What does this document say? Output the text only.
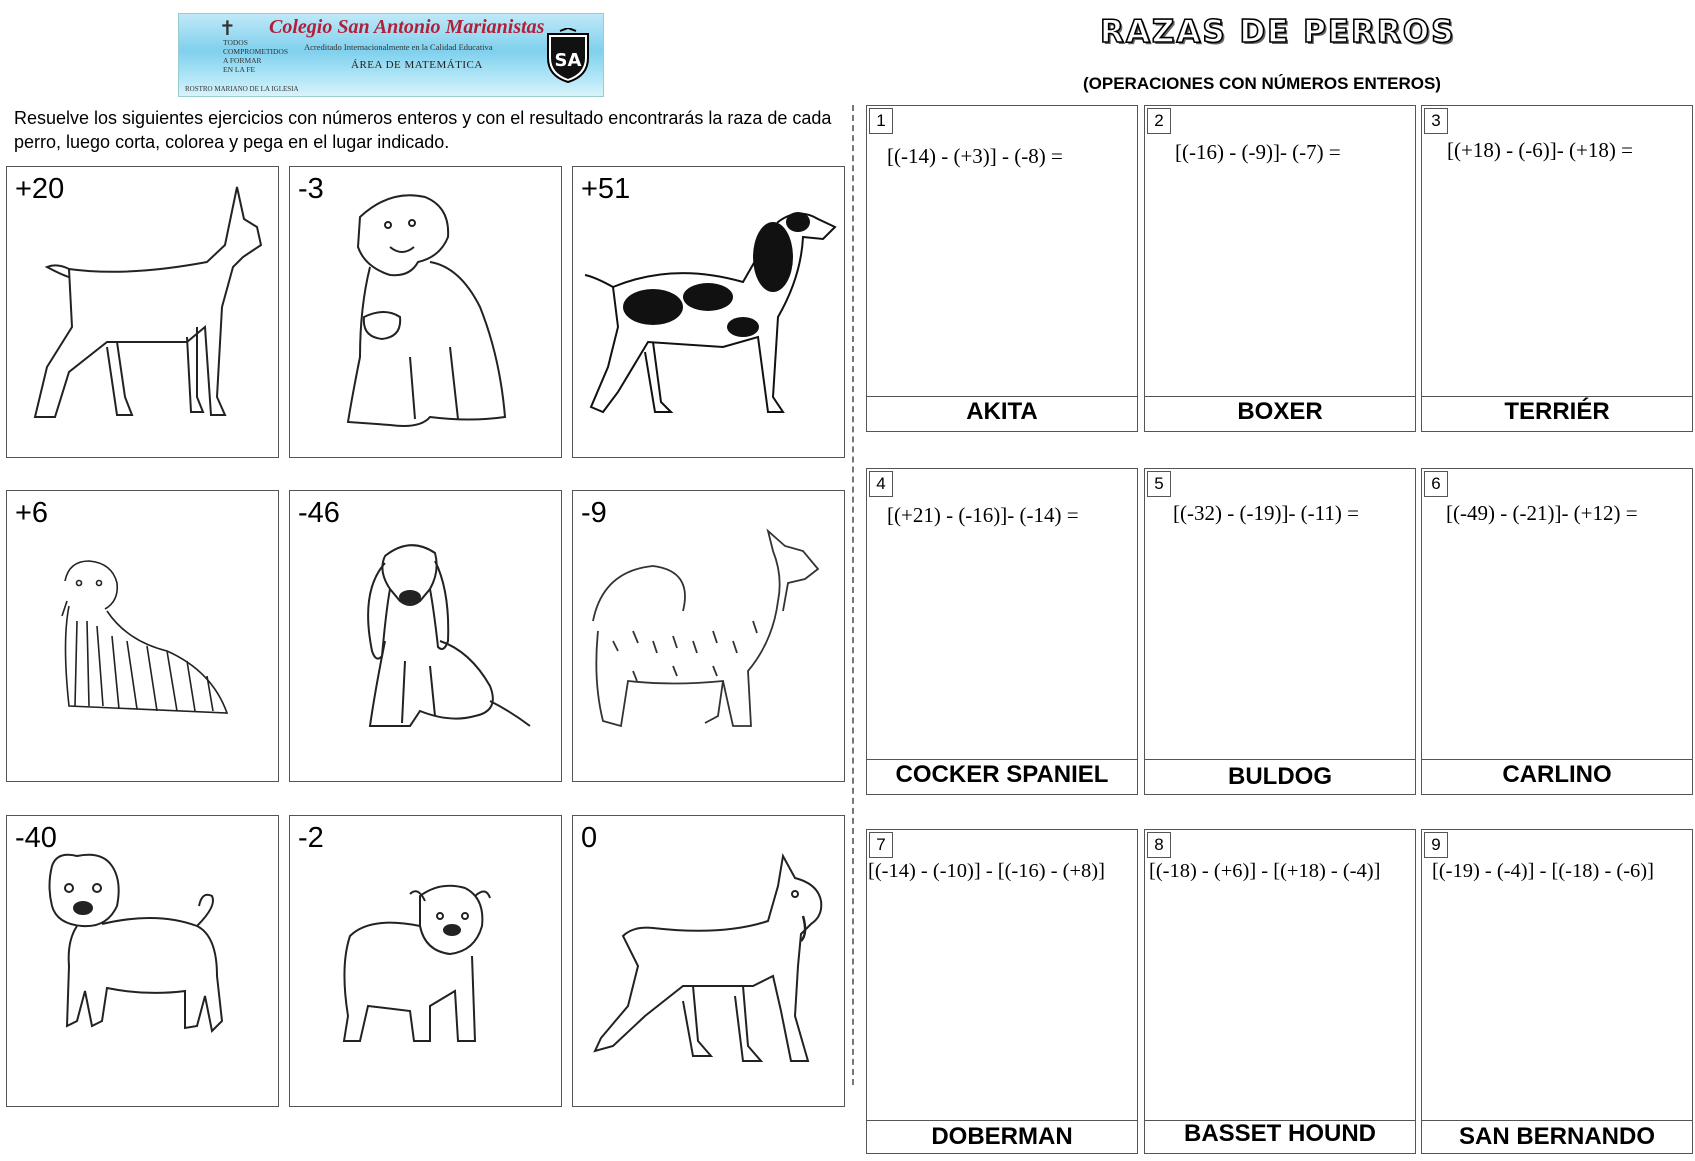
✝ Colegio San Antonio Marianistas
Acreditado Internacionalmente en la Calidad Educativa
TODOS
COMPROMETIDOS
A FORMAR
EN LA FE	ÁREA DE MATEMÁTICA
ROSTRO MARIANO DE LA IGLESIA
SA
RAZAS DE PERROS
(OPERACIONES CON NÚMEROS ENTEROS)
Resuelve los siguientes ejercicios con números enteros y con el resultado encontrarás la raza de cada perro, luego corta, colorea y pega en el lugar indicado.
+20	-3	+51
+6	-46	-9
-40	-2	0
1
[(-14) - (+3)] - (-8) =
AKITA
2
[(-16) - (-9)]- (-7) =
BOXER
3
[(+18) - (-6)]- (+18) =
TERRIÉR
4
[(+21) - (-16)]- (-14) =
COCKER SPANIEL
5
[(-32) - (-19)]- (-11) =
BULDOG
6
[(-49) - (-21)]- (+12) =
CARLINO
7
[(-14) - (-10)] - [(-16) - (+8)]
DOBERMAN
8
[(-18) - (+6)] - [(+18) - (-4)]
BASSET HOUND
9
[(-19) - (-4)] - [(-18) - (-6)]
SAN BERNANDO
